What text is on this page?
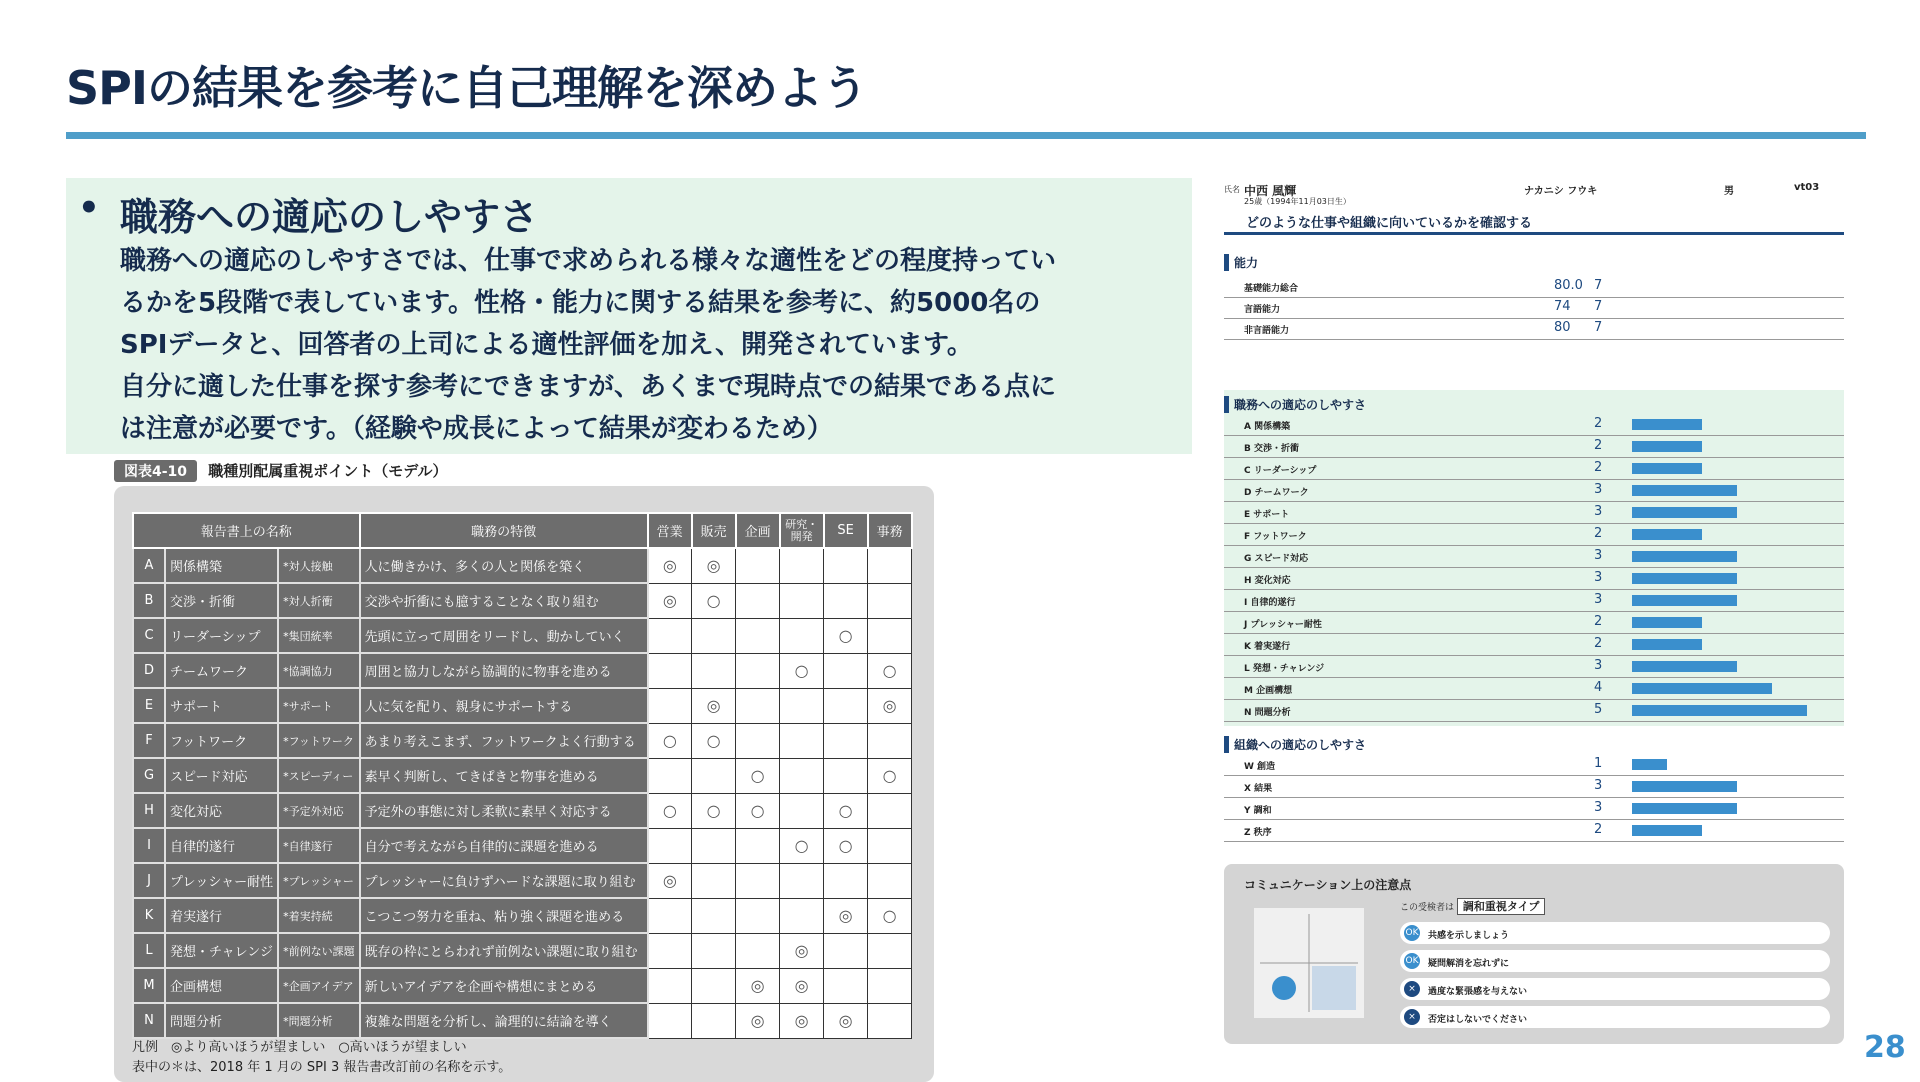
SPIの結果を参考に自己理解を深めよう
• 職務への適応のしやすさ

職務への適応のしやすさでは、仕事で求められる様々な適性をどの程度持ってい

るかを5段階で表しています。性格・能力に関する結果を参考に、約5000名の

SPIデータと、回答者の上司による適性評価を加え、開発されています。

自分に適した仕事を探す参考にできますが、あくまで現時点での結果である点に

は注意が必要です。（経験や成長によって結果が変わるため）

図表4-10 職種別配属重視ポイント（モデル）
報告書上の名称			職務の特徴	営業	販売	企画	研究・開発	SE	事務
A	関係構築	*対人接触	人に働きかけ、多くの人と関係を築く	◎	◎				
B	交渉・折衝	*対人折衝	交渉や折衝にも臆することなく取り組む	◎	○				
C	リーダーシップ	*集団統率	先頭に立って周囲をリードし、動かしていく					○	
D	チームワーク	*協調協力	周囲と協力しながら協調的に物事を進める				○		○
E	サポート	*サポート	人に気を配り、親身にサポートする		◎				◎
F	フットワーク	*フットワーク	あまり考えこまず、フットワークよく行動する	○	○				
G	スピード対応	*スピーディー	素早く判断し、てきぱきと物事を進める			○			○
H	変化対応	*予定外対応	予定外の事態に対し柔軟に素早く対応する	○	○	○		○	
I	自律的遂行	*自律遂行	自分で考えながら自律的に課題を進める				○	○	
J	プレッシャー耐性	*プレッシャー	プレッシャーに負けずハードな課題に取り組む	◎					
K	着実遂行	*着実持続	こつこつ努力を重ね、粘り強く課題を進める					◎	○
L	発想・チャレンジ	*前例ない課題	既存の枠にとらわれず前例ない課題に取り組む				◎		
M	企画構想	*企画アイデア	新しいアイデアを企画や構想にまとめる			◎	◎		
N	問題分析	*問題分析	複雑な問題を分析し、論理的に結論を導く			◎	◎	◎	
凡例　◎より高いほうが望ましい　○高いほうが望ましい
表中の＊は、2018 年 1 月の SPI 3 報告書改訂前の名称を示す。
氏名 中西 風輝
25歳（1994年11月03日生）
ナカニシ フウキ	男	vt03
どのような仕事や組織に向いているかを確認する
能力
基礎能力総合	80.0 7
言語能力	74 7
非言語能力	80 7
職務への適応のしやすさ
A 関係構築	2
B 交渉・折衝	2
C リーダーシップ	2
D チームワーク	3
E サポート	3
F フットワーク	2
G スピード対応	3
H 変化対応	3
I 自律的遂行	3
J プレッシャー耐性	2
K 着実遂行	2
L 発想・チャレンジ	3
M 企画構想	4
N 問題分析	5
組織への適応のしやすさ
W 創造	1
X 結果	3
Y 調和	3
Z 秩序	2
コミュニケーション上の注意点
この受検者は 調和重視タイプ
OK 共感を示しましょう
OK 疑問解消を忘れずに
×	過度な緊張感を与えない
×	否定はしないでください
28
